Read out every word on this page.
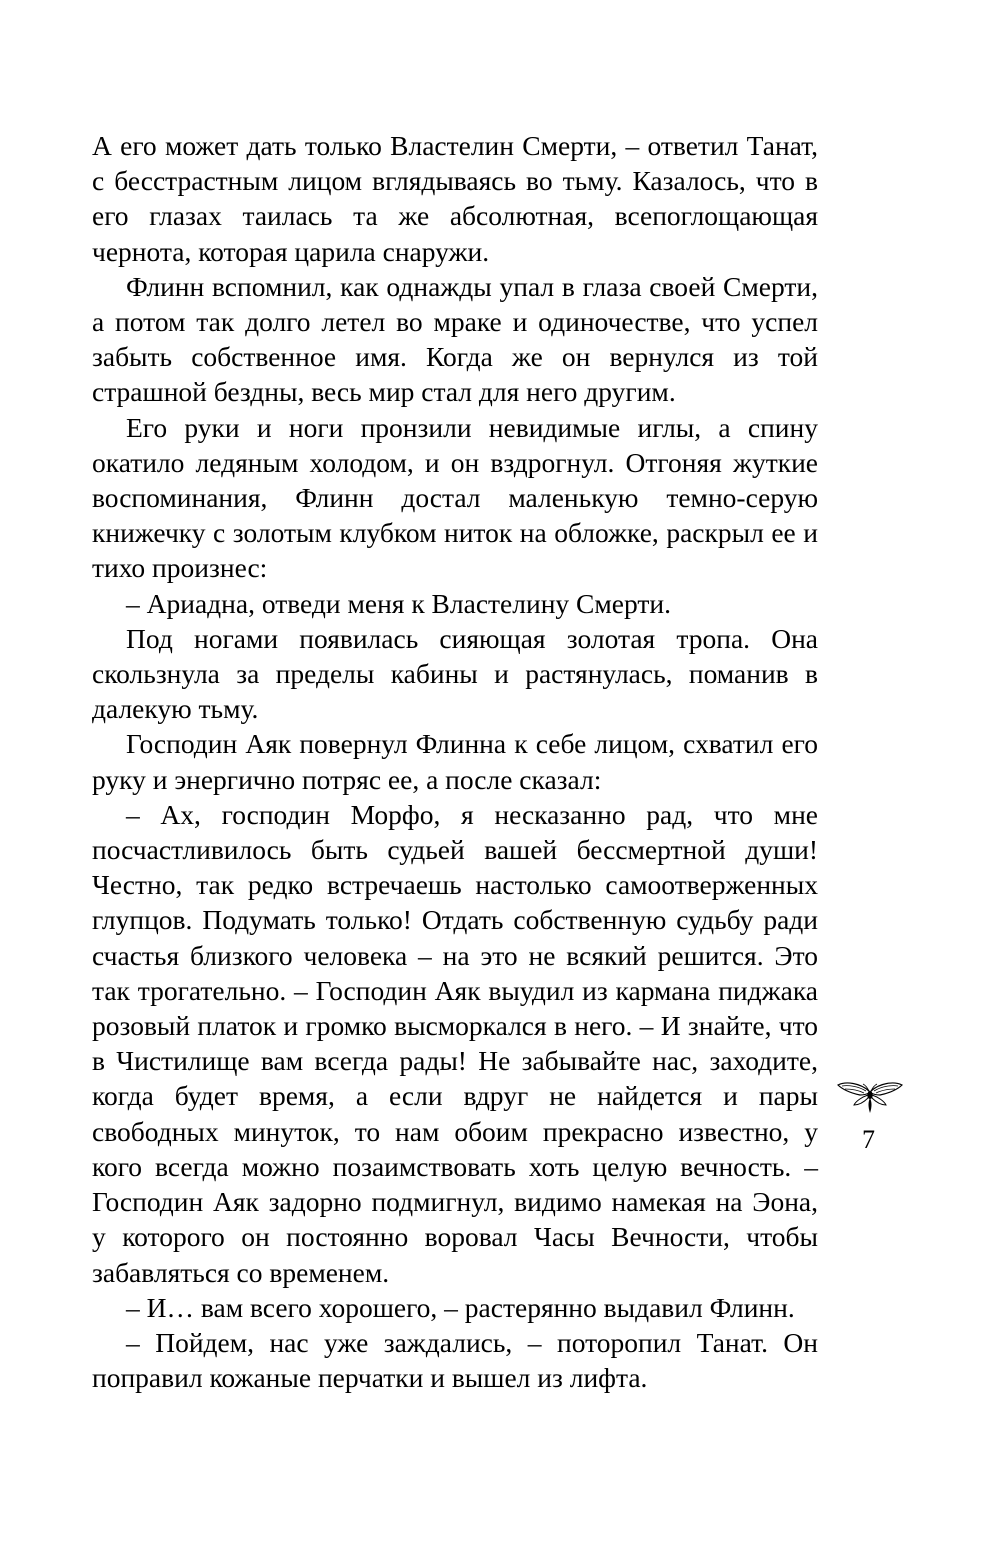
А его может дать только Властелин Смерти, – ответил Танат, с бесстрастным лицом вглядываясь во тьму. Казалось, что в его глазах таилась та же абсолютная, всепоглощающая чернота, которая царила снаружи.

Флинн вспомнил, как однажды упал в глаза своей Смерти, а потом так долго летел во мраке и одиночестве, что успел забыть собственное имя. Когда же он вернулся из той страшной бездны, весь мир стал для него другим.

Его руки и ноги пронзили невидимые иглы, а спину окатило ледяным холодом, и он вздрогнул. Отгоняя жуткие воспоминания, Флинн достал маленькую темно-серую книжечку с золотым клубком ниток на обложке, раскрыл ее и тихо произнес:

– Ариадна, отведи меня к Властелину Смерти.

Под ногами появилась сияющая золотая тропа. Она скользнула за пределы кабины и растянулась, поманив в далекую тьму.

Господин Аяк повернул Флинна к себе лицом, схватил его руку и энергично потряс ее, а после сказал:

– Ах, господин Морфо, я несказанно рад, что мне посчастливилось быть судьей вашей бессмертной души! Честно, так редко встречаешь настолько самоотверженных глупцов. Подумать только! Отдать собственную судьбу ради счастья близкого человека – на это не всякий решится. Это так трогательно. – Господин Аяк выудил из кармана пиджака розовый платок и громко высморкался в него. – И знайте, что в Чистилище вам всегда рады! Не забывайте нас, заходите, когда будет время, а если вдруг не найдется и пары свободных минуток, то нам обоим прекрасно известно, у кого всегда можно позаимствовать хоть целую вечность. – Господин Аяк задорно подмигнул, видимо намекая на Эона, у которого он постоянно воровал Часы Вечности, чтобы забавляться со временем.

– И… вам всего хорошего, – растерянно выдавил Флинн.

– Пойдем, нас уже заждались, – поторопил Танат. Он поправил кожаные перчатки и вышел из лифта.

7
